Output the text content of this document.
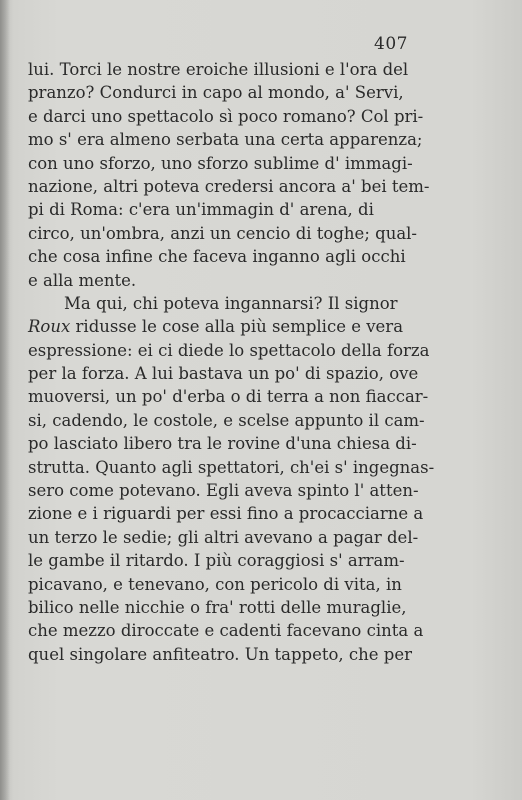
407
lui. Torci le nostre eroiche illusioni e l'ora del
pranzo? Condurci in capo al mondo, a' Servi,
e darci uno spettacolo sì poco romano? Col pri-
mo s' era almeno serbata una certa apparenza;
con uno sforzo, uno sforzo sublime d' immagi-
nazione, altri poteva credersi ancora a' bei tem-
pi di Roma: c'era un'immagin d' arena, di
circo, un'ombra, anzi un cencio di toghe; qual-
che cosa infine che faceva inganno agli occhi
e alla mente.
Ma qui, chi poteva ingannarsi? Il signor
Roux ridusse le cose alla più semplice e vera
espressione: ei ci diede lo spettacolo della forza
per la forza. A lui bastava un po' di spazio, ove
muoversi, un po' d'erba o di terra a non fiaccar-
si, cadendo, le costole, e scelse appunto il cam-
po lasciato libero tra le rovine d'una chiesa di-
strutta. Quanto agli spettatori, ch'ei s' ingegnas-
sero come potevano. Egli aveva spinto l' atten-
zione e i riguardi per essi fino a procacciarne a
un terzo le sedie; gli altri avevano a pagar del-
le gambe il ritardo. I più coraggiosi s' arram-
picavano, e tenevano, con pericolo di vita, in
bilico nelle nicchie o fra' rotti delle muraglie,
che mezzo diroccate e cadenti facevano cinta a
quel singolare anfiteatro. Un tappeto, che per
